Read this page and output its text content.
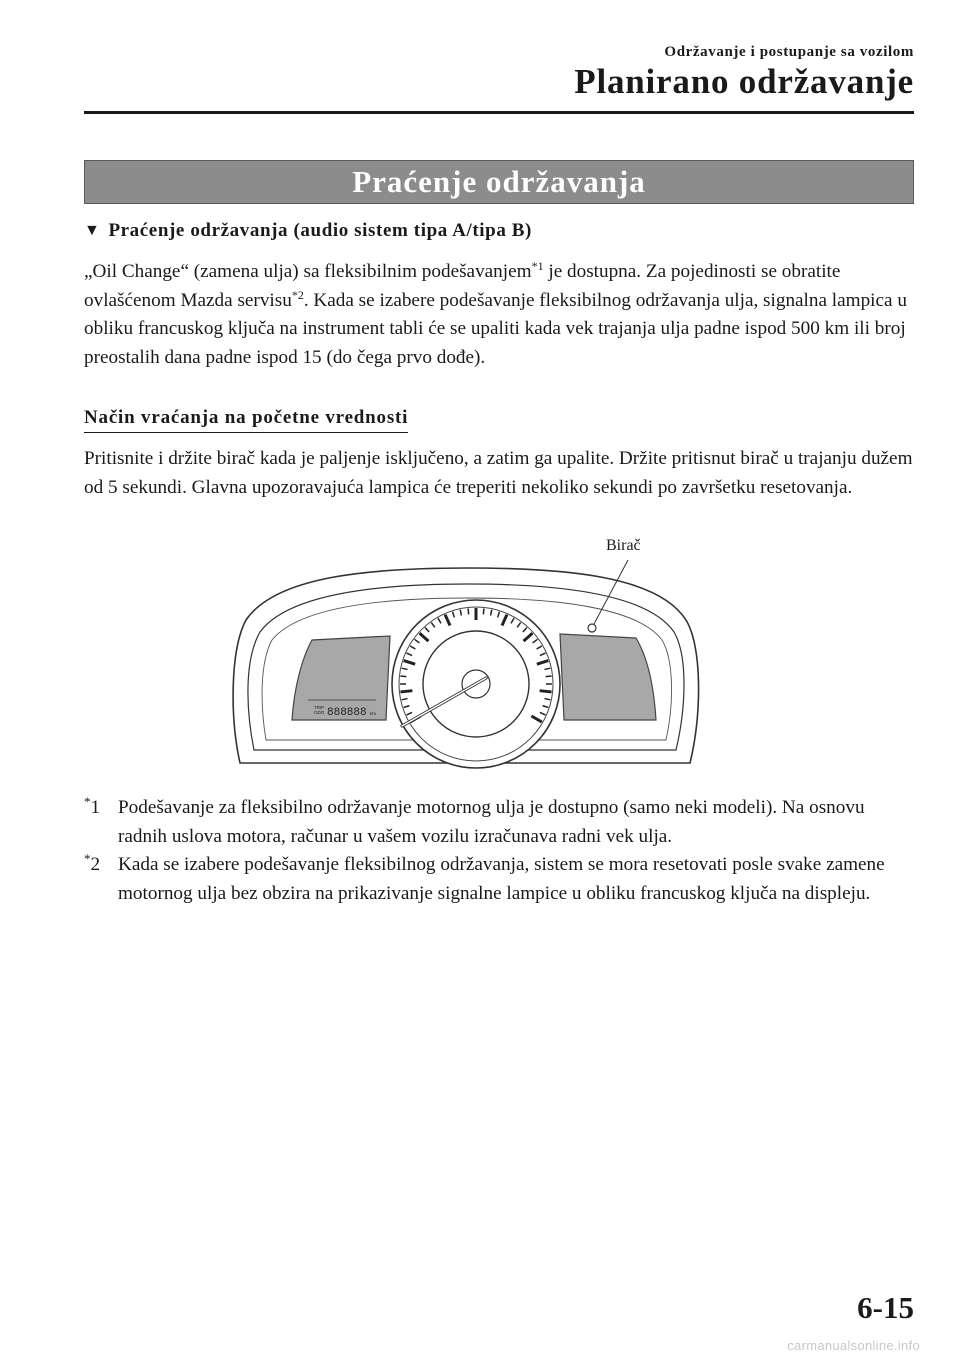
Održavanje i postupanje sa vozilom
Planirano održavanje
Praćenje održavanja
▼ Praćenje održavanja (audio sistem tipa A/tipa B)

„Oil Change“ (zamena ulja) sa fleksibilnim podešavanjem$^{*1}$ je dostupna. Za pojedinosti se obratite ovlašćenom Mazda servisu$^{*2}$. Kada se izabere podešavanje fleksibilnog održavanja ulja, signalna lampica u obliku francuskog ključa na instrument tabli će se upaliti kada vek trajanja ulja padne ispod 500 km ili broj preostalih dana padne ispod 15 (do čega prvo dođe).

Način vraćanja na početne vrednosti

Pritisnite i držite birač kada je paljenje isključeno, a zatim ga upalite. Držite pritisnut birač u trajanju dužem od 5 sekundi. Glavna upozoravajuća lampica će treperiti nekoliko sekundi po završetku resetovanja.

TRIP
ODO 888888 km
Birač
*1 Podešavanje za fleksibilno održavanje motornog ulja je dostupno (samo neki modeli). Na osnovu radnih uslova motora, računar u vašem vozilu izračunava radni vek ulja.
*2 Kada se izabere podešavanje fleksibilnog održavanja, sistem se mora resetovati posle svake zamene motornog ulja bez obzira na prikazivanje signalne lampice u obliku francuskog ključa na displeju.
6-15
carmanualsonline.info
